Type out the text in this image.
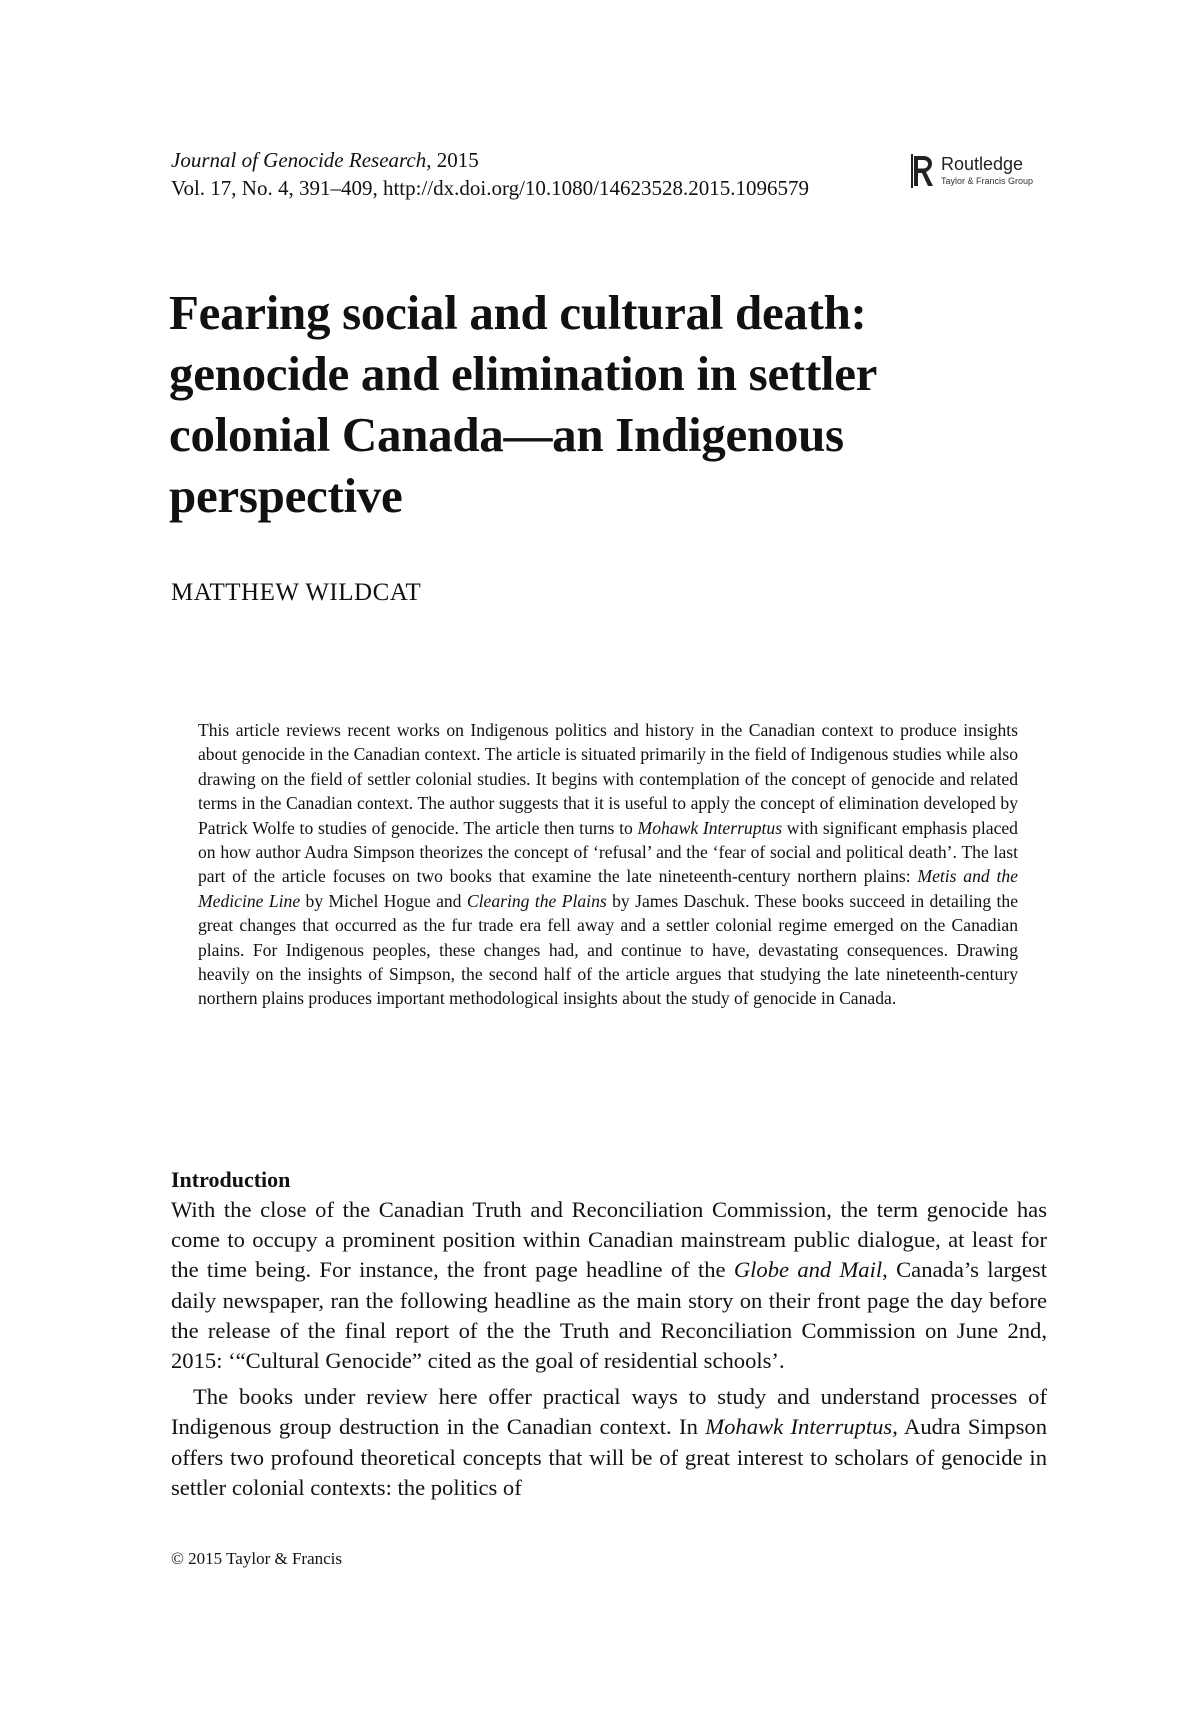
Journal of Genocide Research, 2015
Vol. 17, No. 4, 391–409, http://dx.doi.org/10.1080/14623528.2015.1096579
Routledge
Taylor & Francis Group
Fearing social and cultural death: genocide and elimination in settler colonial Canada—an Indigenous perspective
MATTHEW WILDCAT

This article reviews recent works on Indigenous politics and history in the Canadian context to produce insights about genocide in the Canadian context. The article is situated primarily in the field of Indigenous studies while also drawing on the field of settler colonial studies. It begins with contemplation of the concept of genocide and related terms in the Canadian context. The author suggests that it is useful to apply the concept of elimination developed by Patrick Wolfe to studies of genocide. The article then turns to Mohawk Interruptus with significant emphasis placed on how author Audra Simpson theorizes the concept of ‘refusal’ and the ‘fear of social and political death’. The last part of the article focuses on two books that examine the late nineteenth-century northern plains: Metis and the Medicine Line by Michel Hogue and Clearing the Plains by James Daschuk. These books succeed in detailing the great changes that occurred as the fur trade era fell away and a settler colonial regime emerged on the Canadian plains. For Indigenous peoples, these changes had, and continue to have, devastating consequences. Drawing heavily on the insights of Simpson, the second half of the article argues that studying the late nineteenth-century northern plains produces important methodological insights about the study of genocide in Canada.

Introduction

With the close of the Canadian Truth and Reconciliation Commission, the term genocide has come to occupy a prominent position within Canadian mainstream public dialogue, at least for the time being. For instance, the front page headline of the Globe and Mail, Canada’s largest daily newspaper, ran the following headline as the main story on their front page the day before the release of the final report of the the Truth and Reconciliation Commission on June 2nd, 2015: ‘“Cultural Genocide” cited as the goal of residential schools’.

The books under review here offer practical ways to study and understand processes of Indigenous group destruction in the Canadian context. In Mohawk Interruptus, Audra Simpson offers two profound theoretical concepts that will be of great interest to scholars of genocide in settler colonial contexts: the politics of

© 2015 Taylor & Francis
